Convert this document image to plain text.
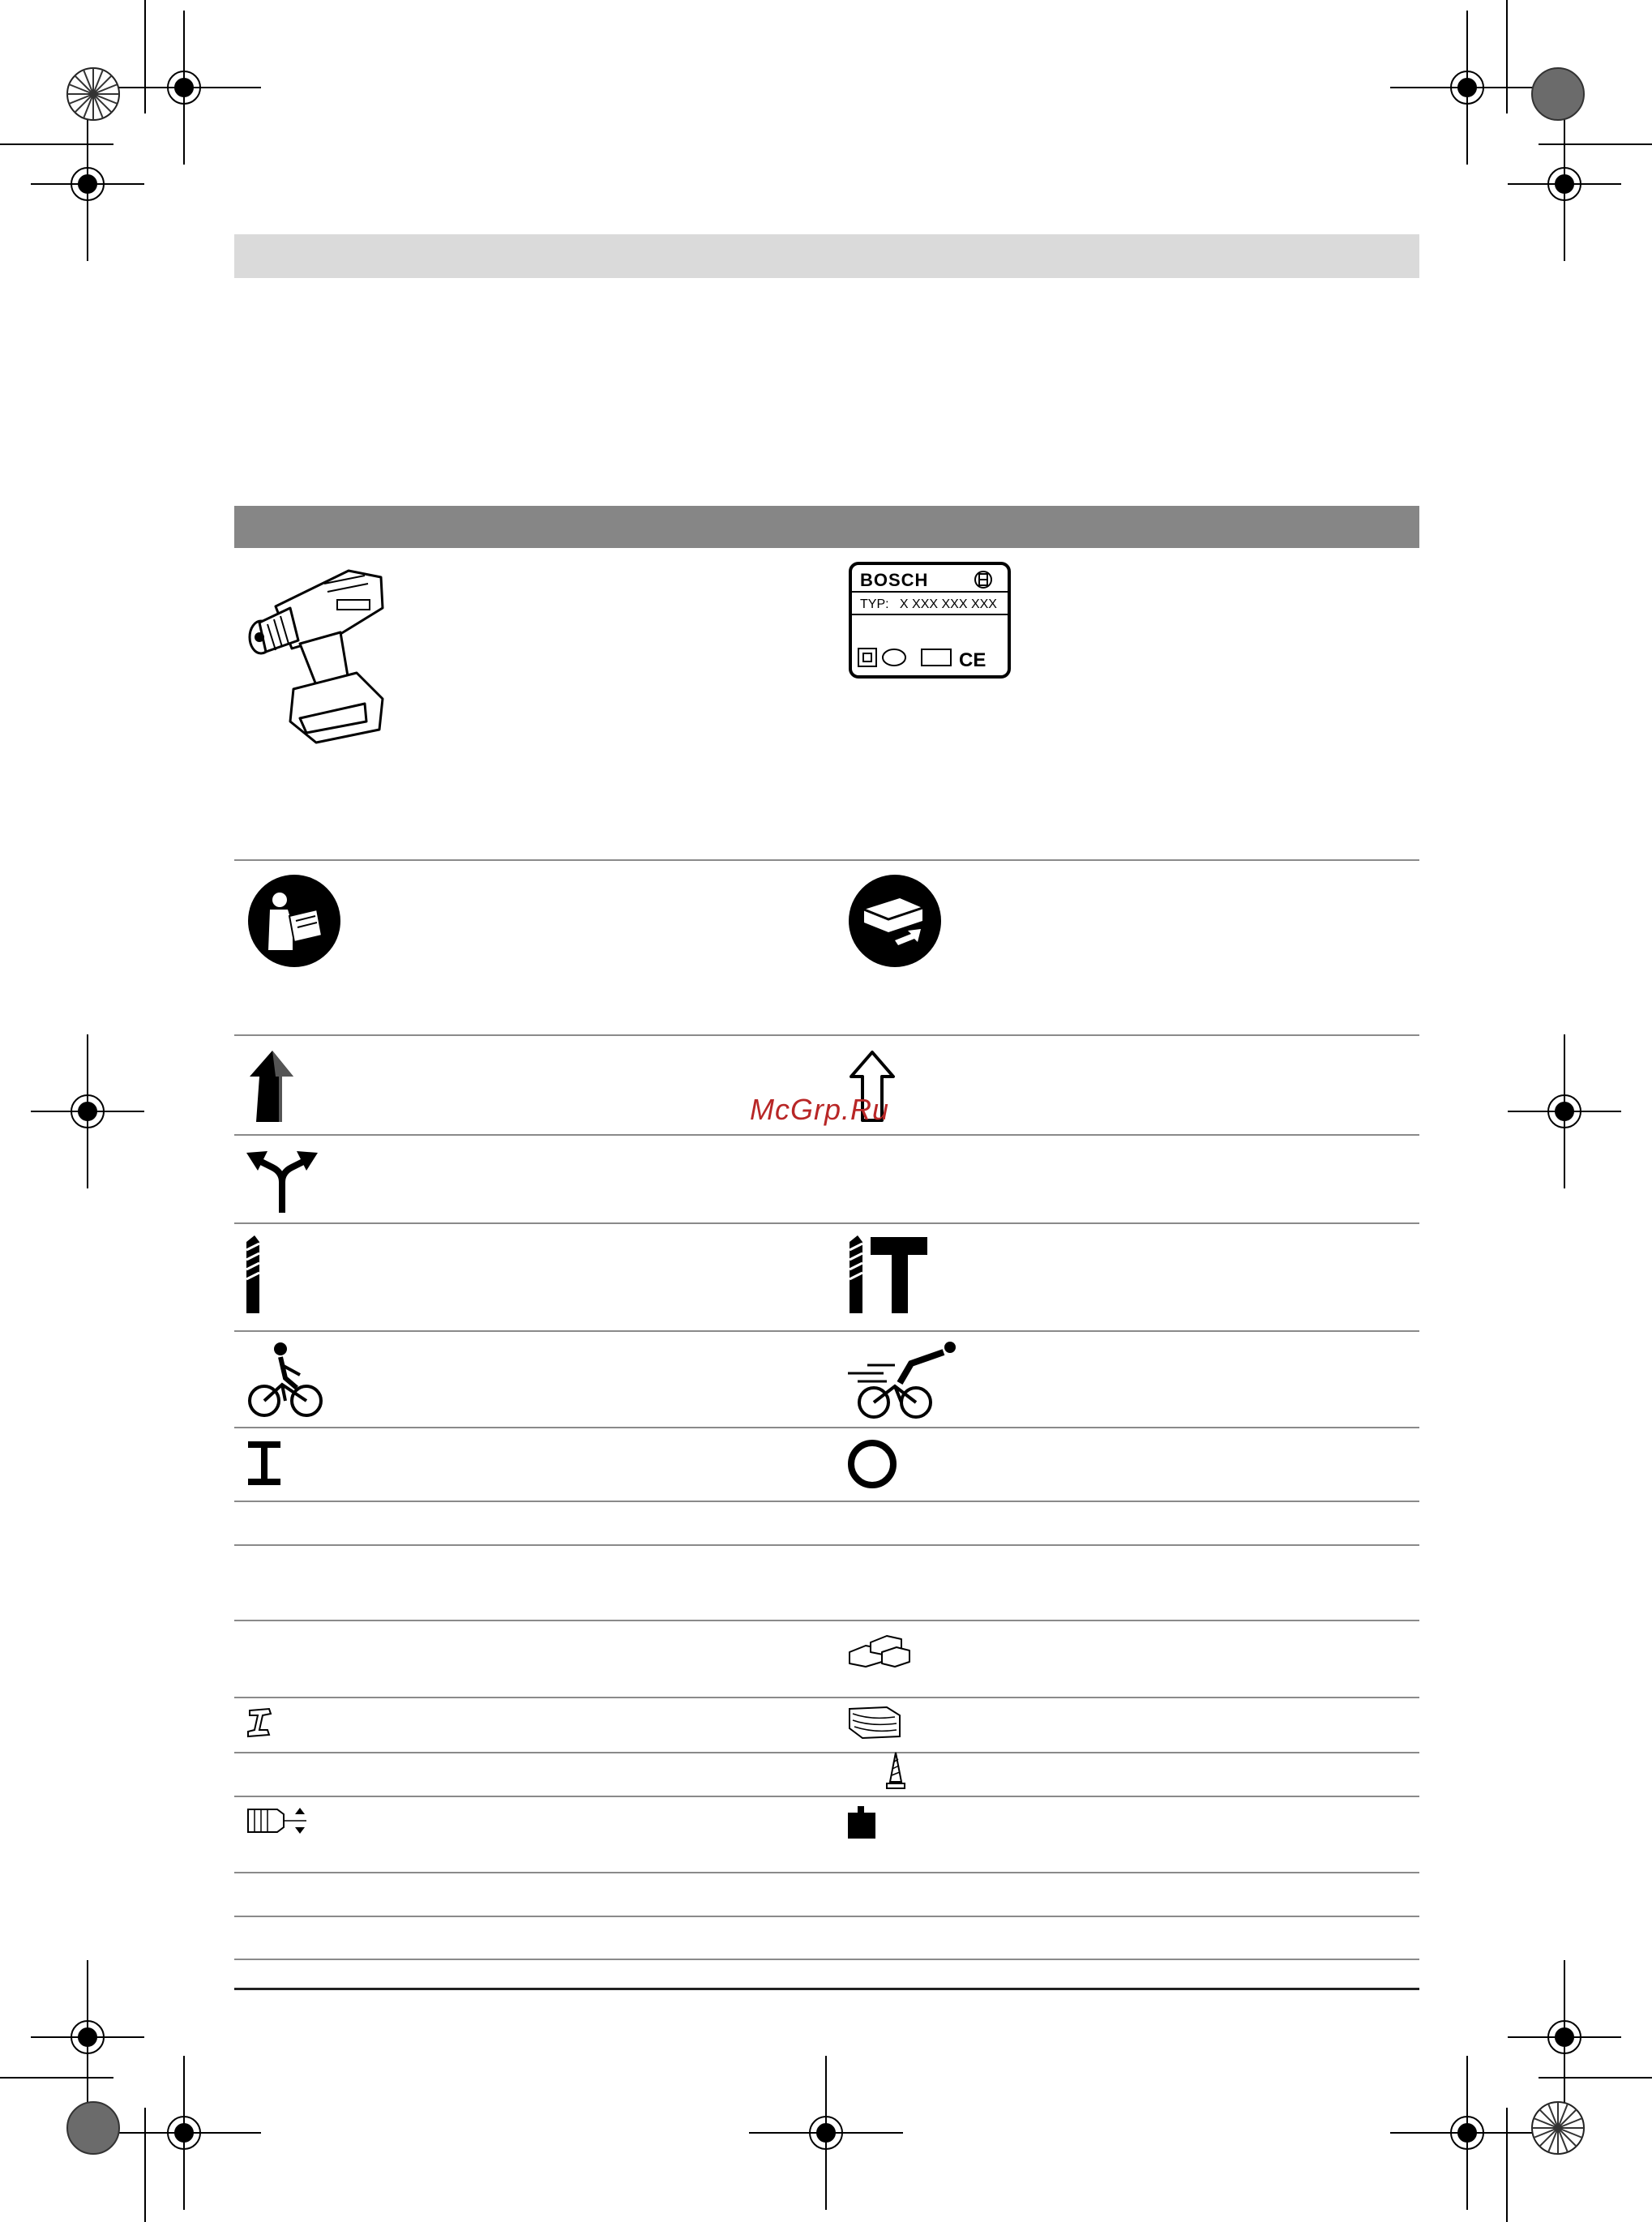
BOSCH
TYP: X XXX XXX XXX
CE
McGrp.Ru
